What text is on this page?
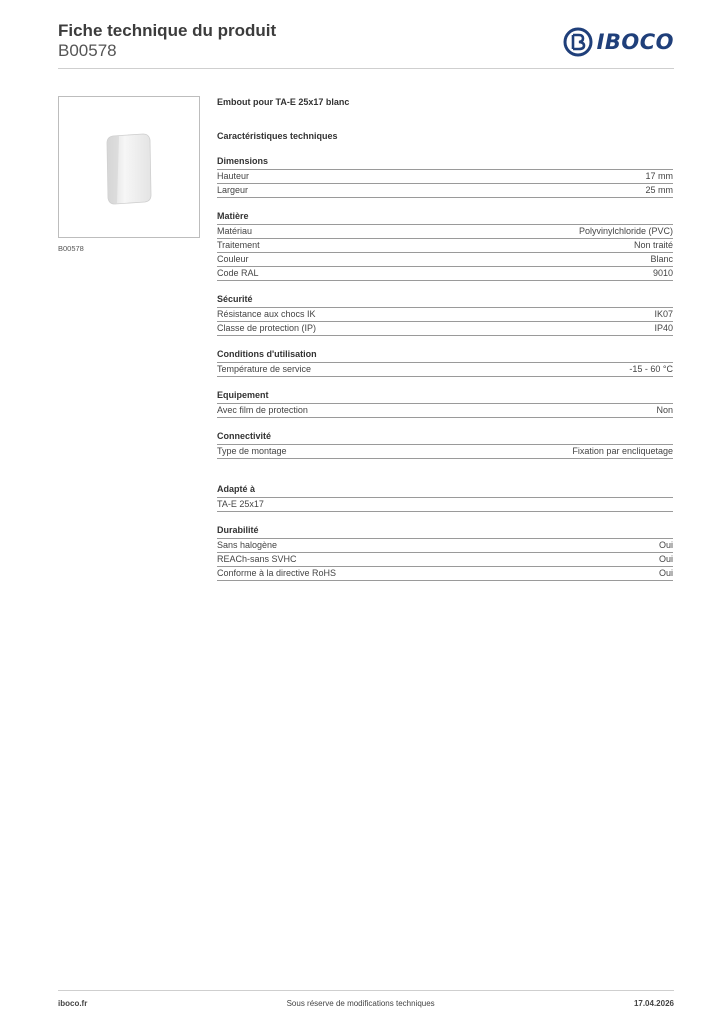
Fiche technique du produit
B00578	IBOCO
B00578
Embout pour TA-E 25x17 blanc
Caractéristiques techniques
Dimensions
Hauteur	17 mm
Largeur	25 mm
Matière
Matériau	Polyvinylchloride (PVC)
Traitement	Non traité
Couleur	Blanc
Code RAL	9010
Sécurité
Résistance aux chocs IK	IK07
Classe de protection (IP)	IP40
Conditions d'utilisation
Température de service	-15 - 60 °C
Equipement
Avec film de protection	Non
Connectivité
Type de montage	Fixation par encliquetage
Adapté à
TA-E 25x17
Durabilité
Sans halogène	Oui
REACh-sans SVHC	Oui
Conforme à la directive RoHS	Oui
iboco.fr	Sous réserve de modifications techniques	17.04.2026
